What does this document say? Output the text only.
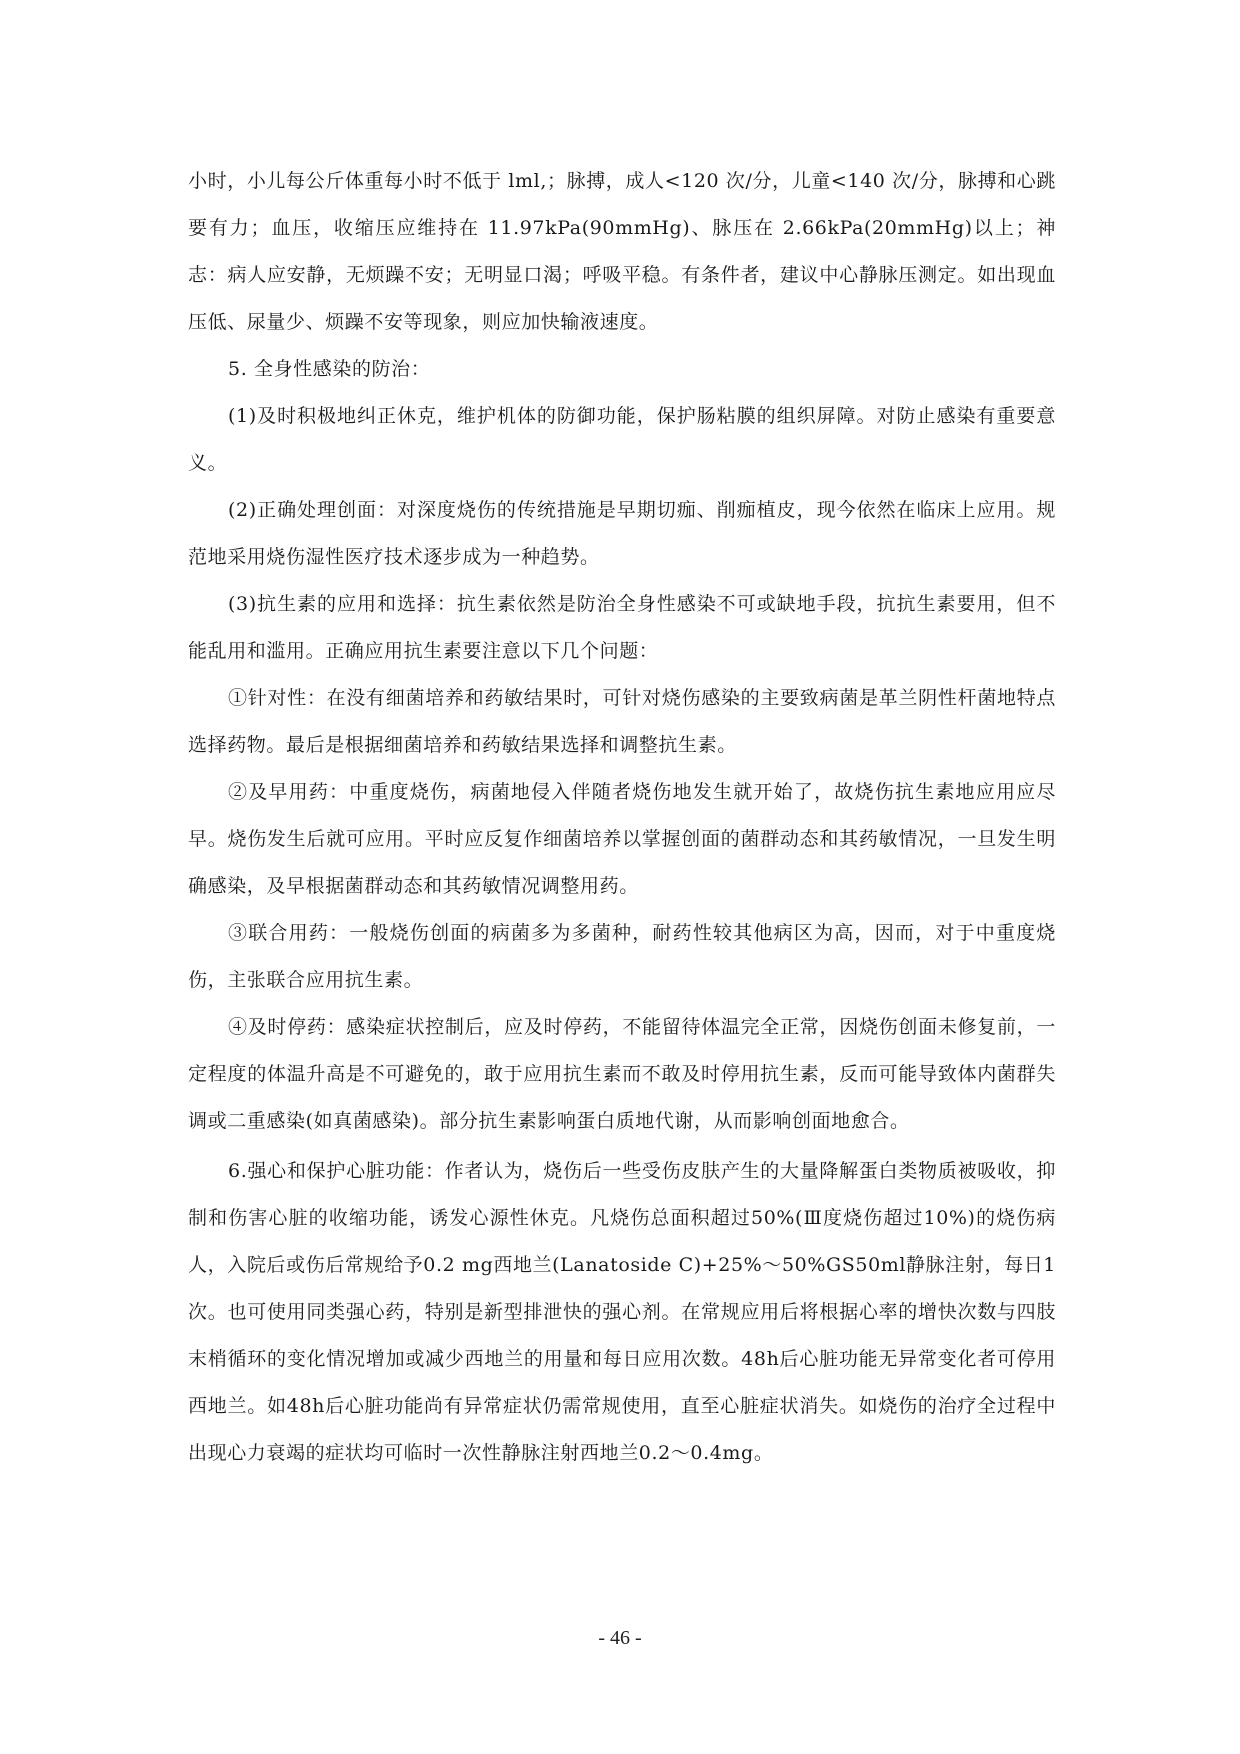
小时，小儿每公斤体重每小时不低于 lml,；脉搏，成人<120 次/分，儿童<140 次/分，脉搏和心跳要有力；血压，收缩压应维持在 11.97kPa(90mmHg)、脉压在 2.66kPa(20mmHg)以上；神志：病人应安静，无烦躁不安；无明显口渴；呼吸平稳。有条件者，建议中心静脉压测定。如出现血压低、尿量少、烦躁不安等现象，则应加快输液速度。

5. 全身性感染的防治：

(1)及时积极地纠正休克，维护机体的防御功能，保护肠粘膜的组织屏障。对防止感染有重要意义。

(2)正确处理创面：对深度烧伤的传统措施是早期切痂、削痂植皮，现今依然在临床上应用。规范地采用烧伤湿性医疗技术逐步成为一种趋势。

(3)抗生素的应用和选择：抗生素依然是防治全身性感染不可或缺地手段，抗抗生素要用，但不能乱用和滥用。正确应用抗生素要注意以下几个问题：

①针对性：在没有细菌培养和药敏结果时，可针对烧伤感染的主要致病菌是革兰阴性杆菌地特点选择药物。最后是根据细菌培养和药敏结果选择和调整抗生素。

②及早用药：中重度烧伤，病菌地侵入伴随者烧伤地发生就开始了，故烧伤抗生素地应用应尽早。烧伤发生后就可应用。平时应反复作细菌培养以掌握创面的菌群动态和其药敏情况，一旦发生明确感染，及早根据菌群动态和其药敏情况调整用药。

③联合用药：一般烧伤创面的病菌多为多菌种，耐药性较其他病区为高，因而，对于中重度烧伤，主张联合应用抗生素。

④及时停药：感染症状控制后，应及时停药，不能留待体温完全正常，因烧伤创面未修复前，一定程度的体温升高是不可避免的，敢于应用抗生素而不敢及时停用抗生素，反而可能导致体内菌群失调或二重感染(如真菌感染)。部分抗生素影响蛋白质地代谢，从而影响创面地愈合。

6.强心和保护心脏功能：作者认为，烧伤后一些受伤皮肤产生的大量降解蛋白类物质被吸收，抑制和伤害心脏的收缩功能，诱发心源性休克。凡烧伤总面积超过50%(Ⅲ度烧伤超过10%)的烧伤病人，入院后或伤后常规给予0.2 mg西地兰(Lanatoside C)+25%～50%GS50ml静脉注射，每日1次。也可使用同类强心药，特别是新型排泄快的强心剂。在常规应用后将根据心率的增快次数与四肢末梢循环的变化情况增加或减少西地兰的用量和每日应用次数。48h后心脏功能无异常变化者可停用西地兰。如48h后心脏功能尚有异常症状仍需常规使用，直至心脏症状消失。如烧伤的治疗全过程中出现心力衰竭的症状均可临时一次性静脉注射西地兰0.2～0.4mg。

- 46 -
